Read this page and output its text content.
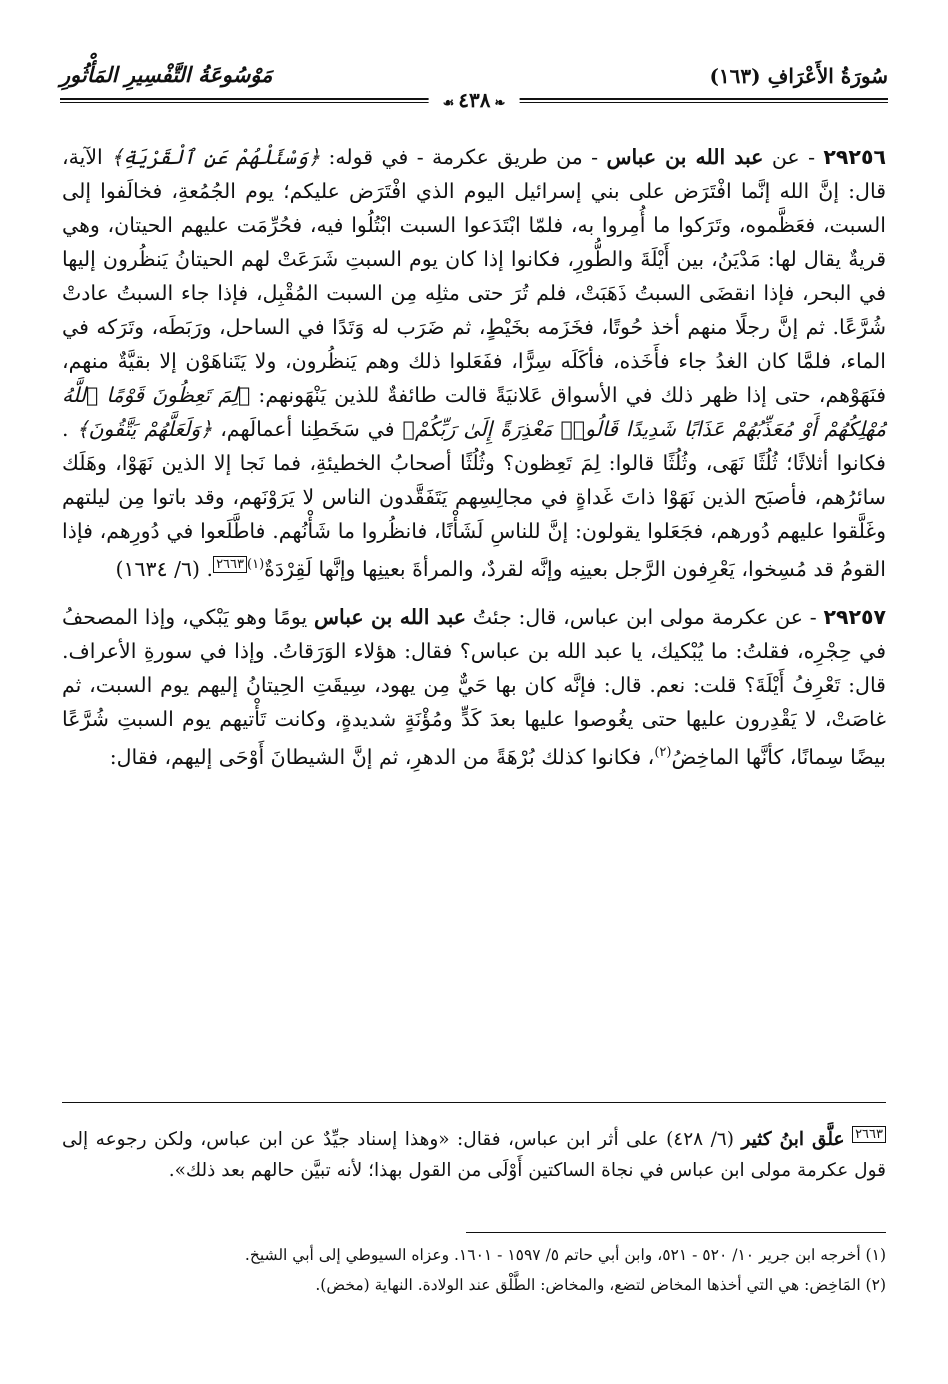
سُورَةُ الأَعْرَافِ (١٦٣)
مَوْسُوعَةُ التَّفْسِيرِ المَأْثُورِ
❧٤٣٨☙

٢٩٢٥٦ - عن عبد الله بن عباس - من طريق عكرمة - في قوله: ﴿وَسْئَلْهُمْ عَنِ ٱلْقَرْيَةِ﴾ الآية، قال: إنَّ الله إنَّما افْتَرَض على بني إسرائيل اليوم الذي افْتَرَض عليكم؛ يوم الجُمُعةِ، فخالَفوا إلى السبت، فعَظَّموه، وتَرَكوا ما أُمِروا به، فلمّا ابْتَدَعوا السبت ابْتُلُوا فيه، فحُرِّمَت عليهم الحيتان، وهي قريةٌ يقال لها: مَدْيَنُ، بين أَيْلَةَ والطُّورِ، فكانوا إذا كان يوم السبتِ شَرَعَتْ لهم الحيتانُ يَنظُرون إليها في البحر، فإذا انقضَى السبتُ ذَهَبَتْ، فلم تُرَ حتى مثلِه مِن السبت المُقْبِل، فإذا جاء السبتُ عادتْ شُرَّعًا. ثم إنَّ رجلًا منهم أخذ حُوتًا، فخَزَمه بخَيْطٍ، ثم ضَرَب له وَتَدًا في الساحل، ورَبَطَه، وتَرَكه في الماء، فلمَّا كان الغدُ جاء فأَخَذه، فأكَلَه سِرًّا، ففَعَلوا ذلك وهم يَنظُرون، ولا يَتَناهَوْن إلا بقيَّةٌ منهم، فنَهَوْهم، حتى إذا ظهر ذلك في الأسواق عَلانيَةً قالت طائفةٌ للذين يَنْهَونهم: ﴿لِمَ تَعِظُونَ قَوْمًا ٱللَّهُ مُهْلِكُهُمْ أَوْ مُعَذِّبُهُمْ عَذَابًا شَدِيدًا قَالُوا۟ مَعْذِرَةً إِلَىٰ رَبِّكُمْ﴾ في سَخَطِنا أعمالَهم، ﴿وَلَعَلَّهُمْ يَتَّقُونَ﴾ . فكانوا أثلاثًا؛ ثُلُثًا نَهَى، وثُلُثًا قالوا: لِمَ تَعِظون؟ وثُلُثًا أصحابُ الخطيئةِ، فما نَجا إلا الذين نَهَوْا، وهَلَك سائرُهم، فأصبَح الذين نَهَوْا ذاتَ غَداةٍ في مجالِسِهم يَتَفَقَّدون الناس لا يَرَوْنَهم، وقد باتوا مِن ليلتهم وغَلَّقوا عليهم دُورهم، فجَعَلوا يقولون: إنَّ للناسِ لَشَأْنًا، فانظُروا ما شَأْنُهم. فاطَّلَعوا في دُورِهم، فإذا القومُ قد مُسِخوا، يَعْرِفون الرَّجل بعينِه وإنَّه لقردٌ، والمرأةَ بعينِها وإنَّها لَقِرْدَةٌ$^{(١)٢٦٦٣}$. (٦/ ١٦٣٤)

٢٩٢٥٧ - عن عكرمة مولى ابن عباس، قال: جئتُ عبد الله بن عباس يومًا وهو يَبْكي، وإذا المصحفُ في حِجْرِه، فقلتُ: ما يُبْكيك، يا عبد الله بن عباس؟ فقال: هؤلاء الوَرَقاتُ. وإذا في سورةِ الأعراف. قال: تَعْرِفُ أَيْلَةَ؟ قلت: نعم. قال: فإنَّه كان بها حَيٌّ مِن يهود، سِيقَتِ الحِيتانُ إليهم يوم السبت، ثم غاصَتْ، لا يَقْدِرون عليها حتى يغُوصوا عليها بعدَ كَدٍّ ومُؤْنَةٍ شديدةٍ، وكانت تَأْتيهم يوم السبتِ شُرَّعًا بيضًا سِمانًا، كأنَّها الماخِضُ$^{(٢)}$، فكانوا كذلك بُرْهَةً من الدهرِ، ثم إنَّ الشيطانَ أَوْحَى إليهم، فقال:

$^{٢٦٦٣}$ علَّق ابنُ كثير (٦/ ٤٢٨) على أثر ابن عباس، فقال: «وهذا إسناد جيِّدٌ عن ابن عباس، ولكن رجوعه إلى قول عكرمة مولى ابن عباس في نجاة الساكتين أَوْلَى من القول بهذا؛ لأنه تبيَّن حالهم بعد ذلك».

(١) أخرجه ابن جرير ١٠/ ٥٢٠ - ٥٢١، وابن أبي حاتم ٥/ ١٥٩٧ - ١٦٠١. وعزاه السيوطي إلى أبي الشيخ.

(٢) المَاخِض: هي التي أخذها المخاض لتضع، والمخاض: الطَّلْق عند الولادة. النهاية (مخض).
